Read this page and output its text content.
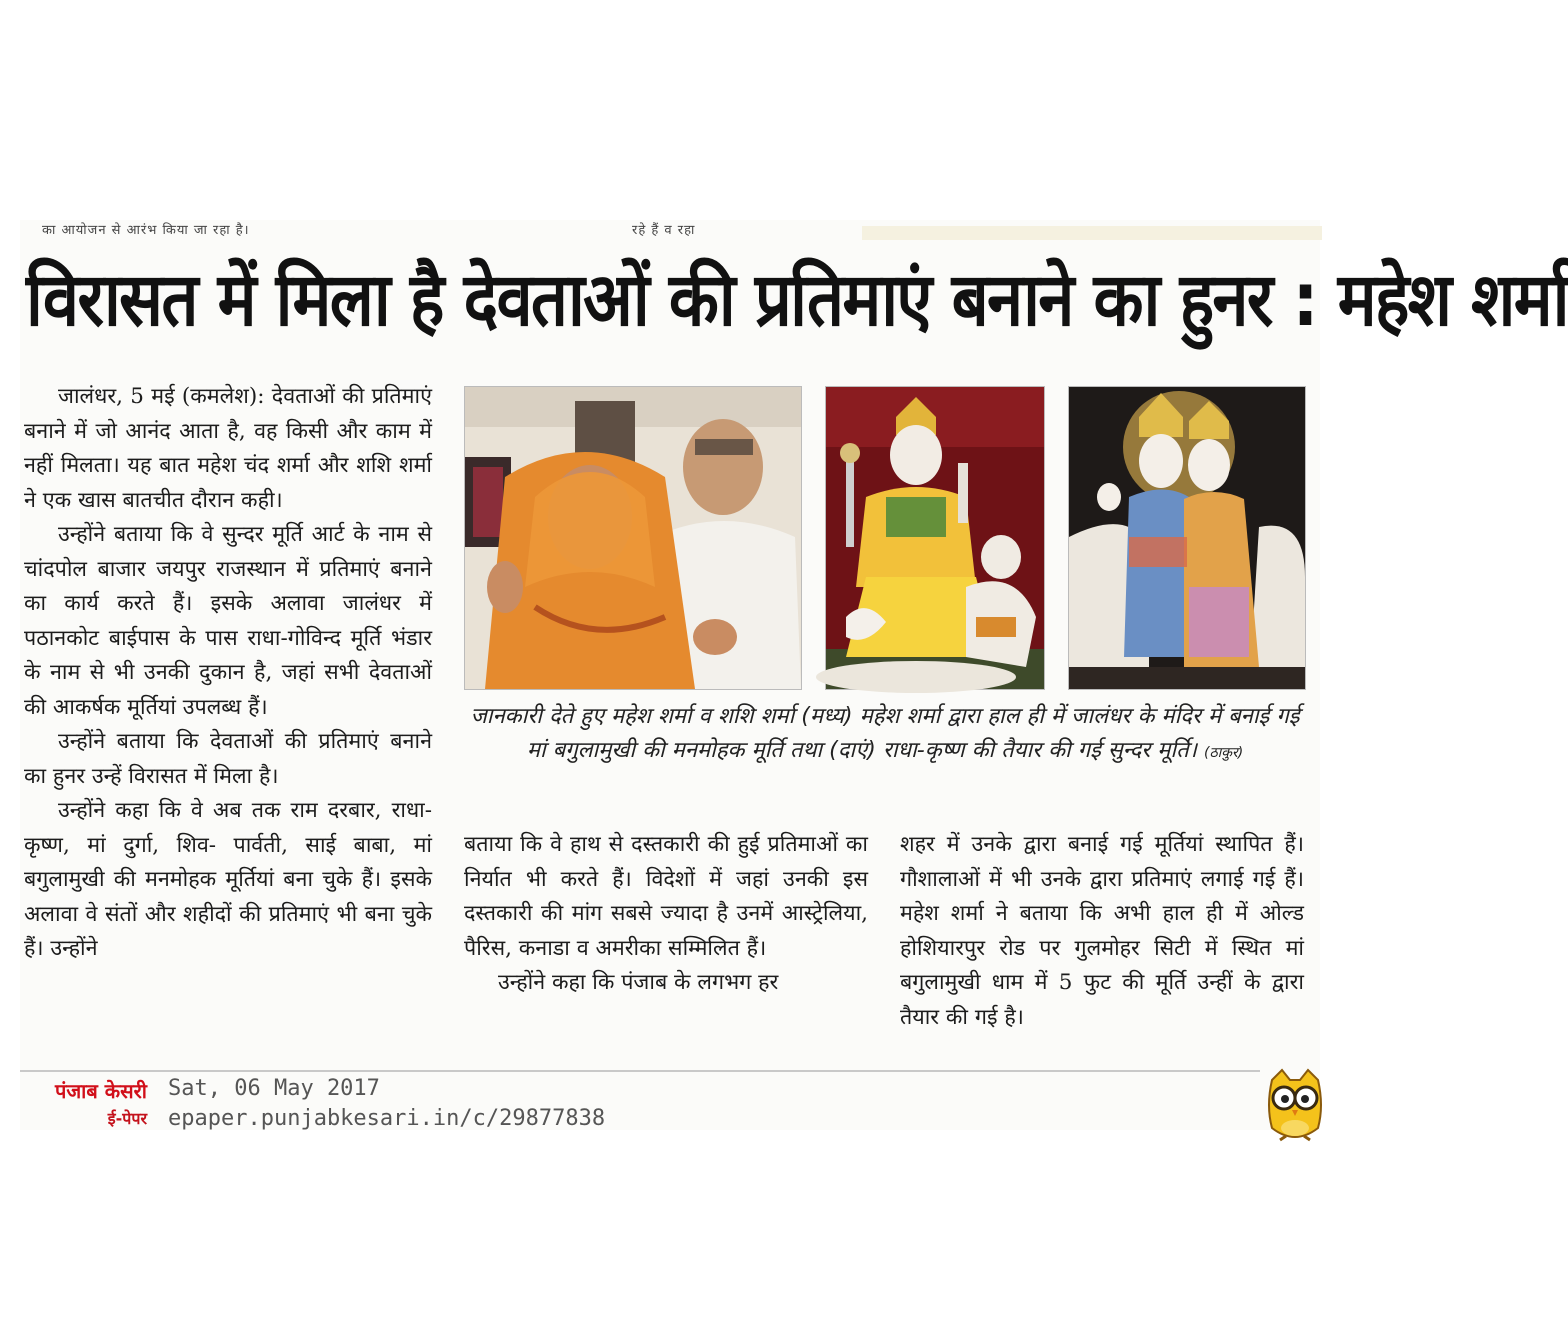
का आयोजन से आरंभ किया जा रहा है।	रहे हैं व रहा
विरासत में मिला है देवताओं की प्रतिमाएं बनाने का हुनर : महेश शर्मा

जालंधर, 5 मई (कमलेश): देवताओं की प्रतिमाएं बनाने में जो आनंद आता है, वह किसी और काम में नहीं मिलता। यह बात महेश चंद शर्मा और शशि शर्मा ने एक खास बातचीत दौरान कही।

उन्होंने बताया कि वे सुन्दर मूर्ति आर्ट के नाम से चांदपोल बाजार जयपुर राजस्थान में प्रतिमाएं बनाने का कार्य करते हैं। इसके अलावा जालंधर में पठानकोट बाईपास के पास राधा-गोविन्द मूर्ति भंडार के नाम से भी उनकी दुकान है, जहां सभी देवताओं की आकर्षक मूर्तियां उपलब्ध हैं।

उन्होंने बताया कि देवताओं की प्रतिमाएं बनाने का हुनर उन्हें विरासत में मिला है।

उन्होंने कहा कि वे अब तक राम दरबार, राधा-कृष्ण, मां दुर्गा, शिव- पार्वती, साई बाबा, मां बगुलामुखी की मनमोहक मूर्तियां बना चुके हैं। इसके अलावा वे संतों और शहीदों की प्रतिमाएं भी बना चुके हैं। उन्होंने

जानकारी देते हुए महेश शर्मा व शशि शर्मा (मध्य) महेश शर्मा द्वारा हाल ही में जालंधर के मंदिर में बनाई गई मां बगुलामुखी की मनमोहक मूर्ति तथा (दाएं) राधा-कृष्ण की तैयार की गई सुन्दर मूर्ति। (ठाकुर)

बताया कि वे हाथ से दस्तकारी की हुई प्रतिमाओं का निर्यात भी करते हैं। विदेशों में जहां उनकी इस दस्तकारी की मांग सबसे ज्यादा है उनमें आस्ट्रेलिया, पैरिस, कनाडा व अमरीका सम्मिलित हैं।

उन्होंने कहा कि पंजाब के लगभग हर

शहर में उनके द्वारा बनाई गई मूर्तियां स्थापित हैं। गौशालाओं में भी उनके द्वारा प्रतिमाएं लगाई गई हैं। महेश शर्मा ने बताया कि अभी हाल ही में ओल्ड होशियारपुर रोड पर गुलमोहर सिटी में स्थित मां बगुलामुखी धाम में 5 फुट की मूर्ति उन्हीं के द्वारा तैयार की गई है।

पंजाब केसरी
ई-पेपर
Sat, 06 May 2017
epaper.punjabkesari.in/c/29877838
